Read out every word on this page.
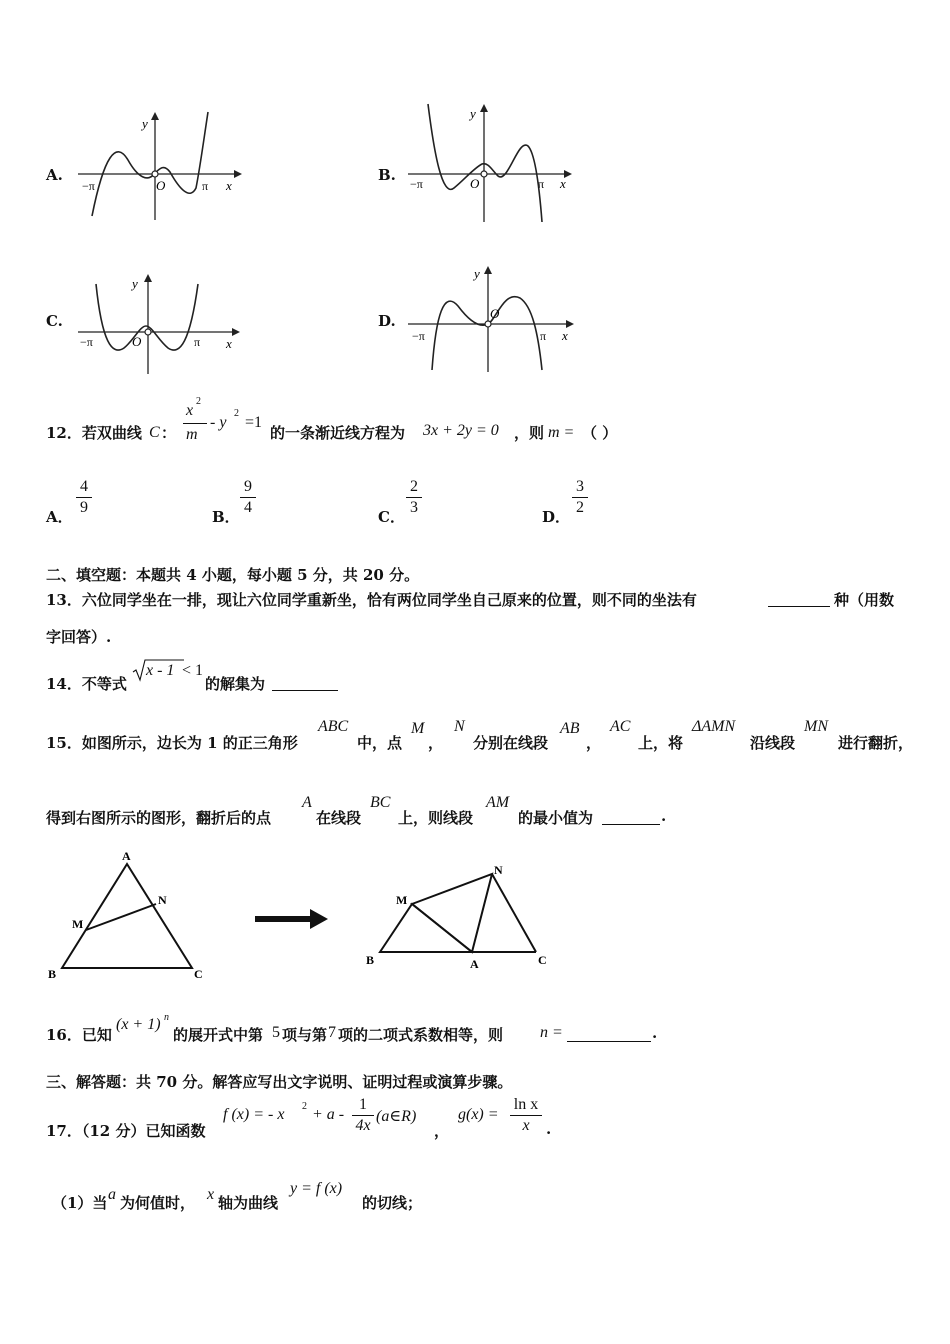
A.
y
x
O
−π	π
B.
y
x
O
−π	π
C.
y
x
O
−π	π
D.
y
x
O
−π	π
12．若双曲线 C ：
x
2
m
- y
2
=1
的一条渐近线方程为 3x + 2y = 0 ，则 m = （ ）
A．
4
9
B．
9
4
C．
2
3
D．
3
2
二、填空题：本题共 4 小题，每小题 5 分，共 20 分。
13．六位同学坐在一排，现让六位同学重新坐，恰有两位同学坐自己原来的位置，则不同的坐法有	种（用数
字回答）.
14．不等式
x - 1 < 1
的解集为
15．如图所示，边长为 1 的正三角形
ABC
中，点
M
，
N
分别在线段
AB
，
AC
上，将
ΔAMN
沿线段
MN
进行翻折，
得到右图所示的图形，翻折后的点
A
在线段
BC
上，则线段
AM
的最小值为	.
A
B	C
M
N
B	A	C
M
N
16．已知
(x + 1) n
的展开式中第 5 项与第 7 项的二项式系数相等，则 n =	.
三、解答题：共 70 分。解答应写出文字说明、证明过程或演算步骤。
17．（12 分）已知函数
f (x) = - x 2 + a -
1
4x
(a∈R)
，
g(x) =
ln x
x	.
（1）当 a 为何值时， x 轴为曲线
y = f (x)
的切线；
